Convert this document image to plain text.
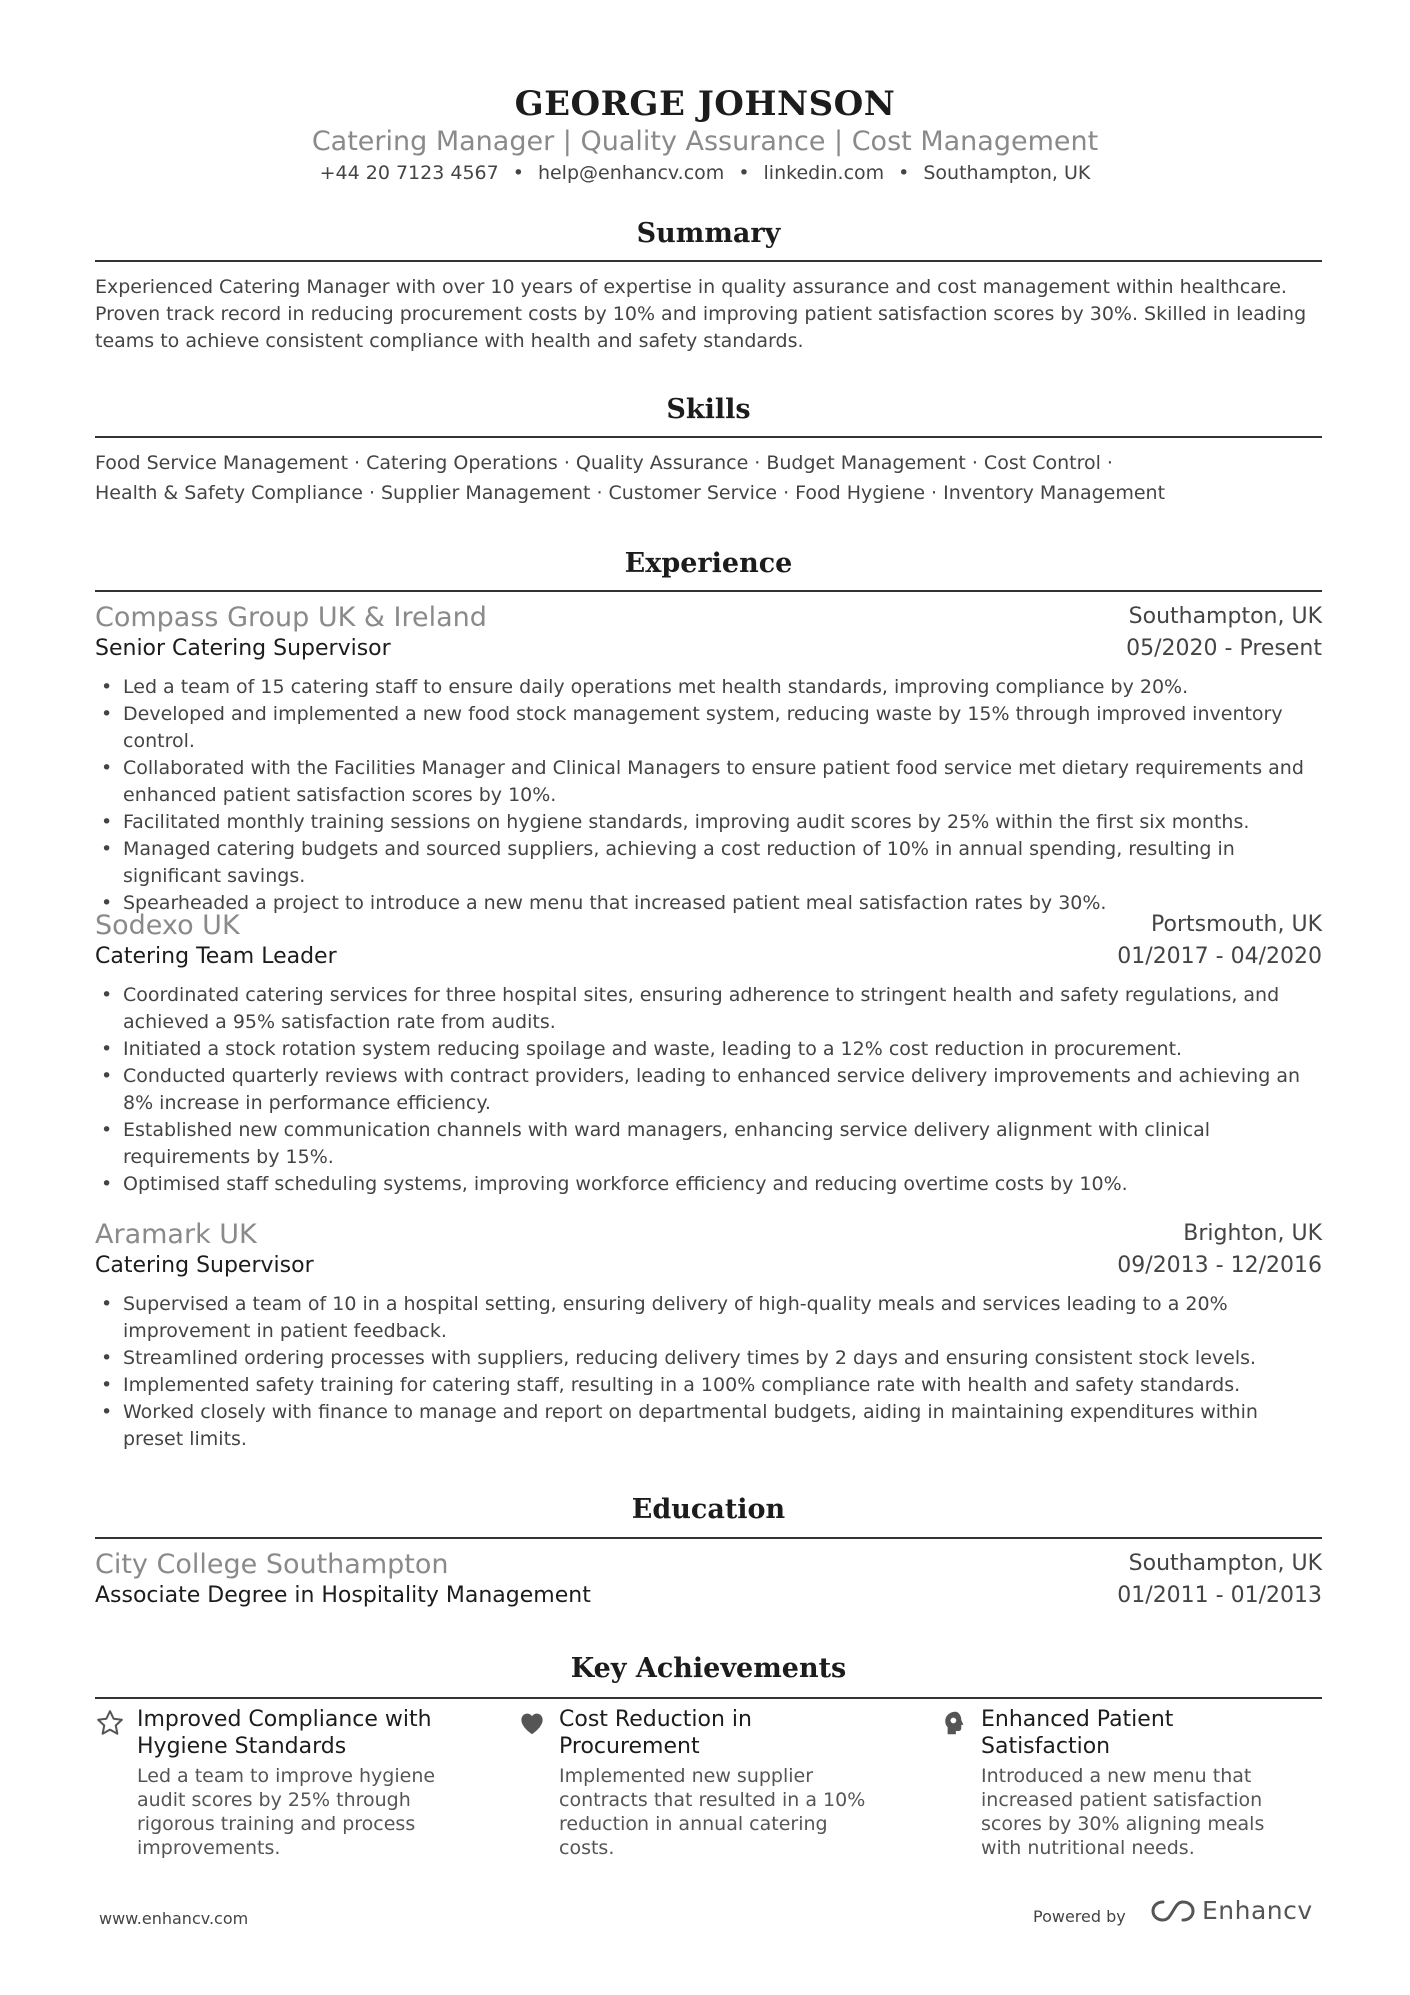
GEORGE JOHNSON
Catering Manager | Quality Assurance | Cost Management
+44 20 7123 4567 • help@enhancv.com • linkedin.com • Southampton, UK
Summary

Experienced Catering Manager with over 10 years of expertise in quality assurance and cost management within healthcare. Proven track record in reducing procurement costs by 10% and improving patient satisfaction scores by 30%. Skilled in leading teams to achieve consistent compliance with health and safety standards.

Skills
Food Service Management · Catering Operations · Quality Assurance · Budget Management · Cost Control ·
Health & Safety Compliance · Supplier Management · Customer Service · Food Hygiene · Inventory Management
Experience
Compass Group UK & Ireland	Southampton, UK
Senior Catering Supervisor	05/2020 - Present
• Led a team of 15 catering staff to ensure daily operations met health standards, improving compliance by 20%.
• Developed and implemented a new food stock management system, reducing waste by 15% through improved inventory control.
• Collaborated with the Facilities Manager and Clinical Managers to ensure patient food service met dietary requirements and enhanced patient satisfaction scores by 10%.
• Facilitated monthly training sessions on hygiene standards, improving audit scores by 25% within the first six months.
• Managed catering budgets and sourced suppliers, achieving a cost reduction of 10% in annual spending, resulting in significant savings.
• Spearheaded a project to introduce a new menu that increased patient meal satisfaction rates by 30%.
Sodexo UK	Portsmouth, UK
Catering Team Leader	01/2017 - 04/2020
• Coordinated catering services for three hospital sites, ensuring adherence to stringent health and safety regulations, and achieved a 95% satisfaction rate from audits.
• Initiated a stock rotation system reducing spoilage and waste, leading to a 12% cost reduction in procurement.
• Conducted quarterly reviews with contract providers, leading to enhanced service delivery improvements and achieving an 8% increase in performance efficiency.
• Established new communication channels with ward managers, enhancing service delivery alignment with clinical requirements by 15%.
• Optimised staff scheduling systems, improving workforce efficiency and reducing overtime costs by 10%.
Aramark UK	Brighton, UK
Catering Supervisor	09/2013 - 12/2016
• Supervised a team of 10 in a hospital setting, ensuring delivery of high-quality meals and services leading to a 20% improvement in patient feedback.
• Streamlined ordering processes with suppliers, reducing delivery times by 2 days and ensuring consistent stock levels.
• Implemented safety training for catering staff, resulting in a 100% compliance rate with health and safety standards.
• Worked closely with finance to manage and report on departmental budgets, aiding in maintaining expenditures within preset limits.
Education
City College Southampton	Southampton, UK
Associate Degree in Hospitality Management	01/2011 - 01/2013
Key Achievements
Improved Compliance with Hygiene Standards
Led a team to improve hygiene audit scores by 25% through rigorous training and process improvements.
Cost Reduction in Procurement
Implemented new supplier contracts that resulted in a 10% reduction in annual catering costs.
Enhanced Patient Satisfaction
Introduced a new menu that increased patient satisfaction scores by 30% aligning meals with nutritional needs.
www.enhancv.com	Powered by	Enhancv
